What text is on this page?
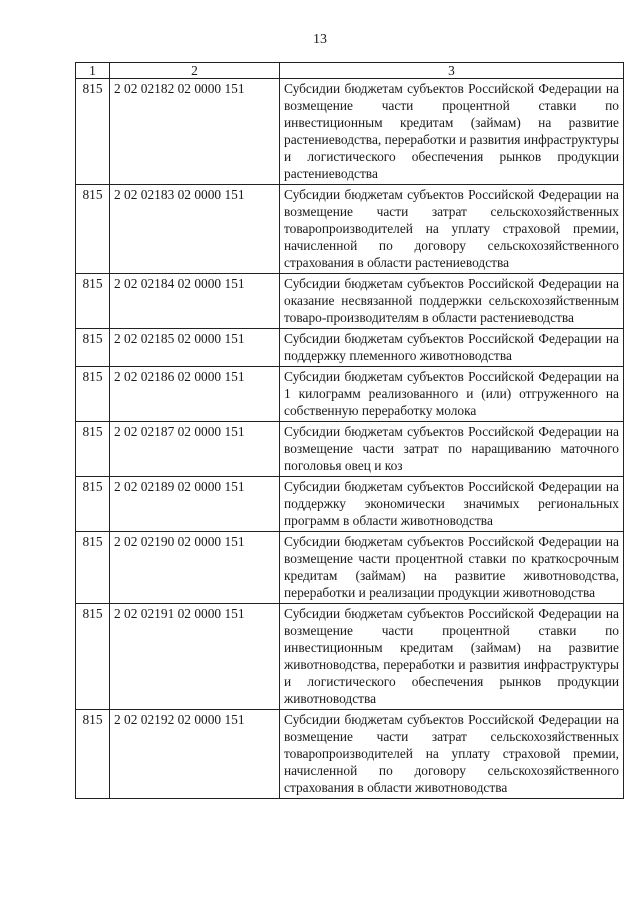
13
1	2	3
815	2 02 02182 02 0000 151	Субсидии бюджетам субъектов Российской Федерации на возмещение части процентной ставки по инвестиционным кредитам (займам) на развитие растениеводства, переработки и развития инфраструктуры и логистического обеспечения рынков продукции растениеводства
815	2 02 02183 02 0000 151	Субсидии бюджетам субъектов Российской Федерации на возмещение части затрат сельскохозяйственных товаропроизводителей на уплату страховой премии, начисленной по договору сельскохозяйственного страхования в области растениеводства
815	2 02 02184 02 0000 151	Субсидии бюджетам субъектов Российской Федерации на оказание несвязанной поддержки сельскохозяйственным товаро-производителям в области растениеводства
815	2 02 02185 02 0000 151	Субсидии бюджетам субъектов Российской Федерации на поддержку племенного животноводства
815	2 02 02186 02 0000 151	Субсидии бюджетам субъектов Российской Федерации на 1 килограмм реализованного и (или) отгруженного на собственную переработку молока
815	2 02 02187 02 0000 151	Субсидии бюджетам субъектов Российской Федерации на возмещение части затрат по наращиванию маточного поголовья овец и коз
815	2 02 02189 02 0000 151	Субсидии бюджетам субъектов Российской Федерации на поддержку экономически значимых региональных программ в области животноводства
815	2 02 02190 02 0000 151	Субсидии бюджетам субъектов Российской Федерации на возмещение части процентной ставки по краткосрочным кредитам (займам) на развитие животноводства, переработки и реализации продукции животноводства
815	2 02 02191 02 0000 151	Субсидии бюджетам субъектов Российской Федерации на возмещение части процентной ставки по инвестиционным кредитам (займам) на развитие животноводства, переработки и развития инфраструктуры и логистического обеспечения рынков продукции животноводства
815	2 02 02192 02 0000 151	Субсидии бюджетам субъектов Российской Федерации на возмещение части затрат сельскохозяйственных товаропроизводителей на уплату страховой премии, начисленной по договору сельскохозяйственного страхования в области животноводства
